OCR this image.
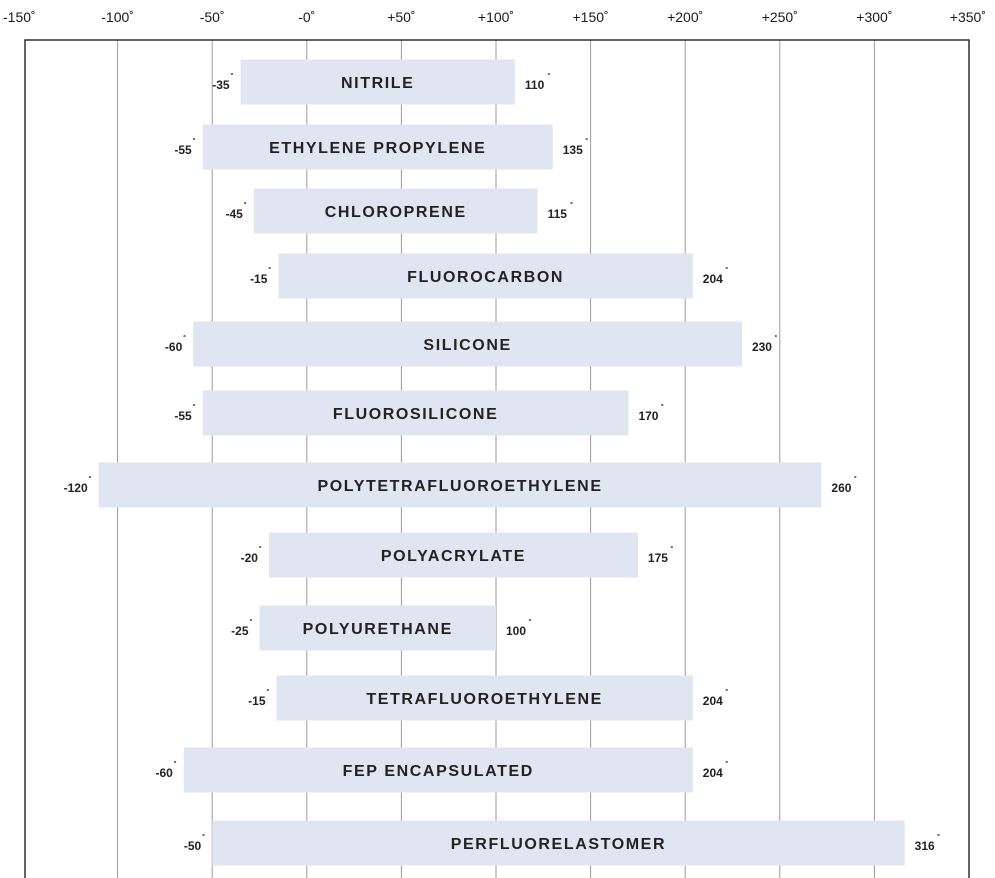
-150˚	-100˚	-50˚	-0˚	+50˚	+100˚	+150˚	+200˚	+250˚	+300˚	+350˚
NITRILE
-35
˚
110
˚
ETHYLENE PROPYLENE
-55
˚
135
˚
CHLOROPRENE
-45
˚
115
˚
FLUOROCARBON
-15
˚
204
˚
SILICONE
-60
˚
230
˚
FLUOROSILICONE
-55
˚
170
˚
POLYTETRAFLUOROETHYLENE
-120
˚
260
˚
POLYACRYLATE
-20
˚
175
˚
POLYURETHANE
-25
˚
100
˚
TETRAFLUOROETHYLENE
-15
˚
204
˚
FEP ENCAPSULATED
-60
˚
204
˚
PERFLUORELASTOMER
-50
˚
316
˚
